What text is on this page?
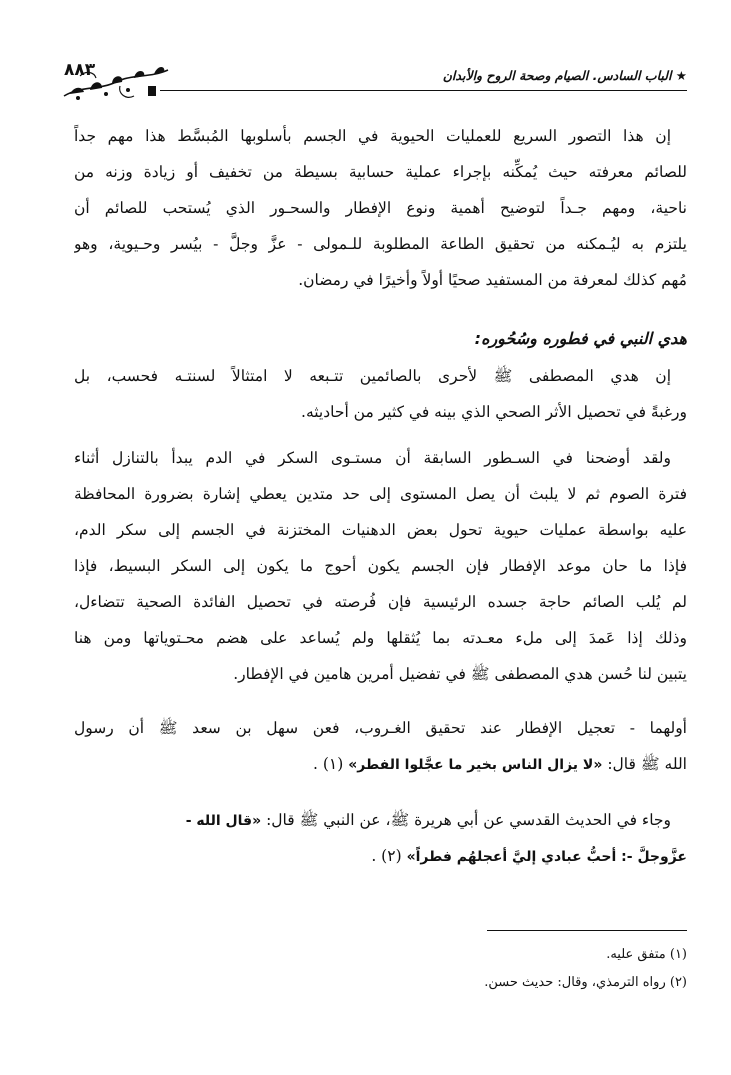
★ الباب السادس. الصيام وصحة الروح والأبدان
٨٨٣
إن هذا التصور السريع للعمليات الحيوية في الجسم بأسلوبها المُبسَّط هذا مهم جداً
للصائم معرفته حيث يُمكِّنه بإجراء عملية حسابية بسيطة من تخفيف أو زيادة وزنه من
ناحية، ومهم جـداً لتوضيح أهمية ونوع الإفطار والسحـور الذي يُستحب للصائم أن
يلتزم به ليُـمكنه من تحقيق الطاعة المطلوبة للـمولى - عزَّ وجلَّ - بيُسر وحـيوية، وهو
مُهم كذلك لمعرفة من المستفيد صحيًا أولاً وأخيرًا في رمضان.
هدي النبي في فطوره وسُحُوره:
إن هدي المصطفى ﷺ لأحرى بالصائمين تتـبعه لا امتثالاً لسنتـه فحسب، بل
ورغبةً في تحصيل الأثر الصحي الذي بينه في كثير من أحاديثه.
ولقد أوضحنا في السـطور السابقة أن مستـوى السكر في الدم يبدأ بالتنازل أثناء
فترة الصوم ثم لا يلبث أن يصل المستوى إلى حد متدين يعطي إشارة بضرورة المحافظة
عليه بواسطة عمليات حيوية تحول بعض الدهنيات المختزنة في الجسم إلى سكر الدم،
فإذا ما حان موعد الإفطار فإن الجسم يكون أحوج ما يكون إلى السكر البسيط، فإذا
لم يُلب الصائم حاجة جسده الرئيسية فإن فُرصته في تحصيل الفائدة الصحية تتضاءل،
وذلك إذا عَمدَ إلى ملء معـدته بما يُثقلها ولم يُساعد على هضم محـتوياتها ومن هنا
يتبين لنا حُسن هدي المصطفى ﷺ في تفضيل أمرين هامين في الإفطار.
أولهما - تعجيل الإفطار عند تحقيق الغـروب، فعن سهل بن سعد ﷺ أن رسول
الله ﷺ قال: «لا يزال الناس بخير ما عجَّلوا الفطر» (١) .
وجاء في الحديث القدسي عن أبي هريرة ﷺ، عن النبي ﷺ قال: «قال الله -
عزَّوجلَّ -: أحبُّ عبادي إليَّ أعجلهُم فطراً» (٢) .
(١) متفق عليه.
(٢) رواه الترمذي، وقال: حديث حسن.
